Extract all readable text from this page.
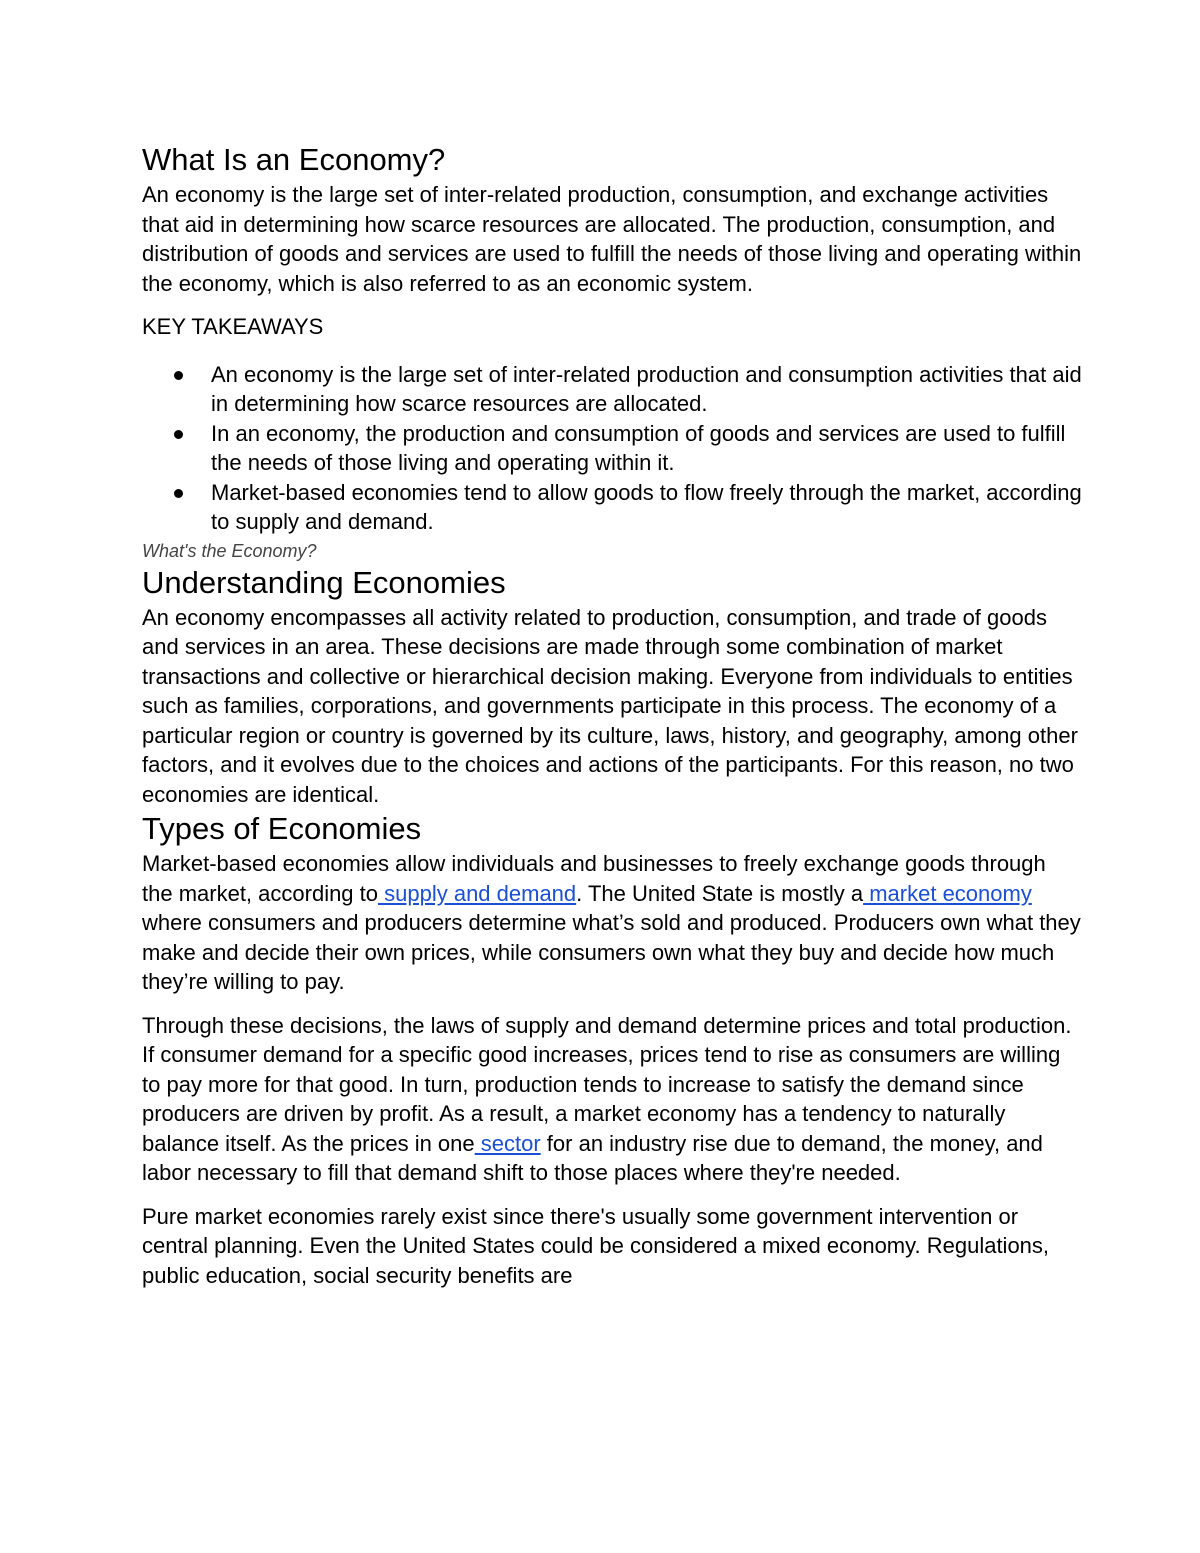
What Is an Economy?

An economy is the large set of inter-related production, consumption, and exchange activities that aid in determining how scarce resources are allocated. The production, consumption, and distribution of goods and services are used to fulfill the needs of those living and operating within the economy, which is also referred to as an economic system.

KEY TAKEAWAYS

An economy is the large set of inter-related production and consumption activities that aid in determining how scarce resources are allocated.
In an economy, the production and consumption of goods and services are used to fulfill the needs of those living and operating within it.
Market-based economies tend to allow goods to flow freely through the market, according to supply and demand.

What's the Economy?

Understanding Economies

An economy encompasses all activity related to production, consumption, and trade of goods and services in an area. These decisions are made through some combination of market transactions and collective or hierarchical decision making. Everyone from individuals to entities such as families, corporations, and governments participate in this process. The economy of a particular region or country is governed by its culture, laws, history, and geography, among other factors, and it evolves due to the choices and actions of the participants. For this reason, no two economies are identical.

Types of Economies

Market-based economies allow individuals and businesses to freely exchange goods through the market, according to supply and demand. The United State is mostly a market economy where consumers and producers determine what’s sold and produced. Producers own what they make and decide their own prices, while consumers own what they buy and decide how much they’re willing to pay.

Through these decisions, the laws of supply and demand determine prices and total production. If consumer demand for a specific good increases, prices tend to rise as consumers are willing to pay more for that good. In turn, production tends to increase to satisfy the demand since producers are driven by profit. As a result, a market economy has a tendency to naturally balance itself. As the prices in one sector for an industry rise due to demand, the money, and labor necessary to fill that demand shift to those places where they're needed.

Pure market economies rarely exist since there's usually some government intervention or central planning. Even the United States could be considered a mixed economy. Regulations, public education, social security benefits are
